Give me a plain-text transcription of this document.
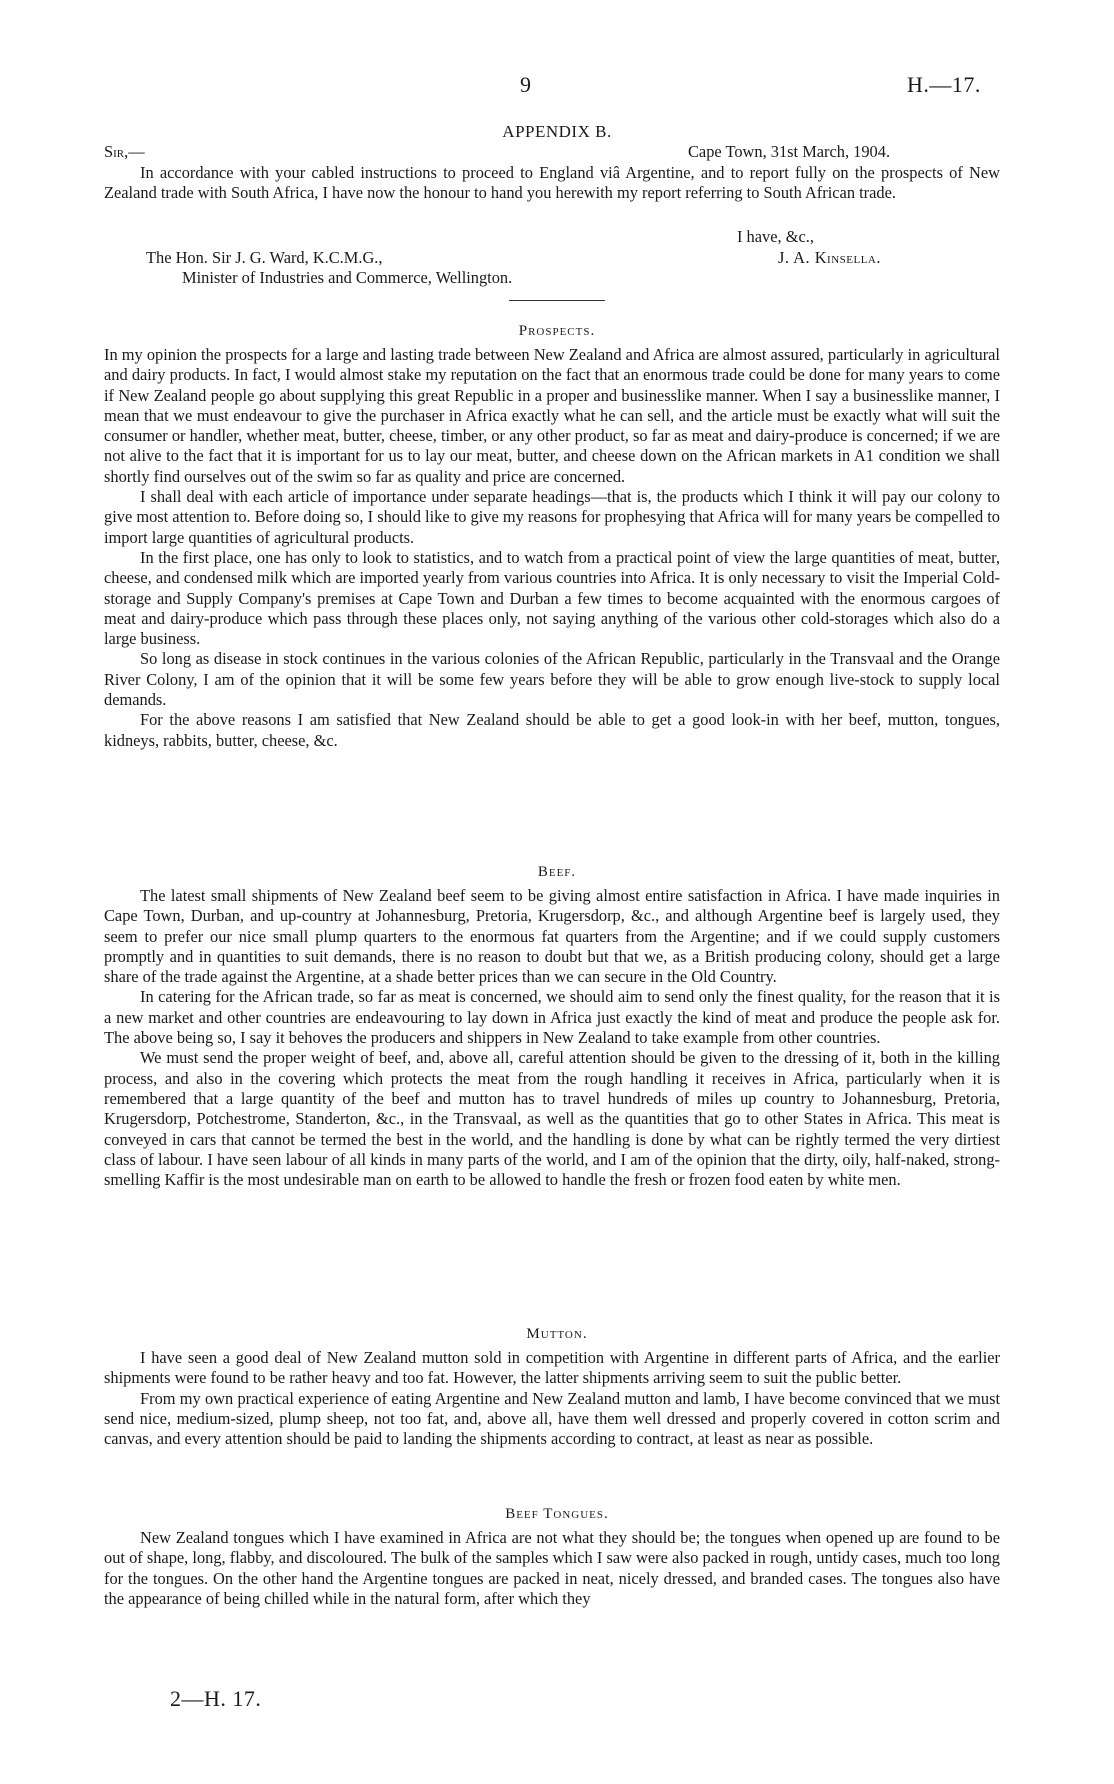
9	H.—17.
APPENDIX B.
Sir,—	Cape Town, 31st March, 1904.

In accordance with your cabled instructions to proceed to England viâ Argentine, and to report fully on the prospects of New Zealand trade with South Africa, I have now the honour to hand you herewith my report referring to South African trade.

I have, &c.,
The Hon. Sir J. G. Ward, K.C.M.G.,
Minister of Industries and Commerce, Wellington.
J. A. Kinsella.
Prospects.

In my opinion the prospects for a large and lasting trade between New Zealand and Africa are almost assured, particularly in agricultural and dairy products. In fact, I would almost stake my reputation on the fact that an enormous trade could be done for many years to come if New Zealand people go about supplying this great Republic in a proper and businesslike manner. When I say a businesslike manner, I mean that we must endeavour to give the purchaser in Africa exactly what he can sell, and the article must be exactly what will suit the consumer or handler, whether meat, butter, cheese, timber, or any other product, so far as meat and dairy-produce is concerned; if we are not alive to the fact that it is important for us to lay our meat, butter, and cheese down on the African markets in A1 condition we shall shortly find ourselves out of the swim so far as quality and price are concerned.

I shall deal with each article of importance under separate headings—that is, the products which I think it will pay our colony to give most attention to. Before doing so, I should like to give my reasons for prophesying that Africa will for many years be compelled to import large quantities of agricultural products.

In the first place, one has only to look to statistics, and to watch from a practical point of view the large quantities of meat, butter, cheese, and condensed milk which are imported yearly from various countries into Africa. It is only necessary to visit the Imperial Cold-storage and Supply Company's premises at Cape Town and Durban a few times to become acquainted with the enormous cargoes of meat and dairy-produce which pass through these places only, not saying anything of the various other cold-storages which also do a large business.

So long as disease in stock continues in the various colonies of the African Republic, particularly in the Transvaal and the Orange River Colony, I am of the opinion that it will be some few years before they will be able to grow enough live-stock to supply local demands.

For the above reasons I am satisfied that New Zealand should be able to get a good look-in with her beef, mutton, tongues, kidneys, rabbits, butter, cheese, &c.

Beef.

The latest small shipments of New Zealand beef seem to be giving almost entire satisfaction in Africa. I have made inquiries in Cape Town, Durban, and up-country at Johannesburg, Pretoria, Krugersdorp, &c., and although Argentine beef is largely used, they seem to prefer our nice small plump quarters to the enormous fat quarters from the Argentine; and if we could supply customers promptly and in quantities to suit demands, there is no reason to doubt but that we, as a British producing colony, should get a large share of the trade against the Argentine, at a shade better prices than we can secure in the Old Country.

In catering for the African trade, so far as meat is concerned, we should aim to send only the finest quality, for the reason that it is a new market and other countries are endeavouring to lay down in Africa just exactly the kind of meat and produce the people ask for. The above being so, I say it behoves the producers and shippers in New Zealand to take example from other countries.

We must send the proper weight of beef, and, above all, careful attention should be given to the dressing of it, both in the killing process, and also in the covering which protects the meat from the rough handling it receives in Africa, particularly when it is remembered that a large quantity of the beef and mutton has to travel hundreds of miles up country to Johannesburg, Pretoria, Krugersdorp, Potchestrome, Standerton, &c., in the Transvaal, as well as the quantities that go to other States in Africa. This meat is conveyed in cars that cannot be termed the best in the world, and the handling is done by what can be rightly termed the very dirtiest class of labour. I have seen labour of all kinds in many parts of the world, and I am of the opinion that the dirty, oily, half-naked, strong-smelling Kaffir is the most undesirable man on earth to be allowed to handle the fresh or frozen food eaten by white men.

Mutton.

I have seen a good deal of New Zealand mutton sold in competition with Argentine in different parts of Africa, and the earlier shipments were found to be rather heavy and too fat. However, the latter shipments arriving seem to suit the public better.

From my own practical experience of eating Argentine and New Zealand mutton and lamb, I have become convinced that we must send nice, medium-sized, plump sheep, not too fat, and, above all, have them well dressed and properly covered in cotton scrim and canvas, and every attention should be paid to landing the shipments according to contract, at least as near as possible.

Beef Tongues.

New Zealand tongues which I have examined in Africa are not what they should be; the tongues when opened up are found to be out of shape, long, flabby, and discoloured. The bulk of the samples which I saw were also packed in rough, untidy cases, much too long for the tongues. On the other hand the Argentine tongues are packed in neat, nicely dressed, and branded cases. The tongues also have the appearance of being chilled while in the natural form, after which they

2—H. 17.
